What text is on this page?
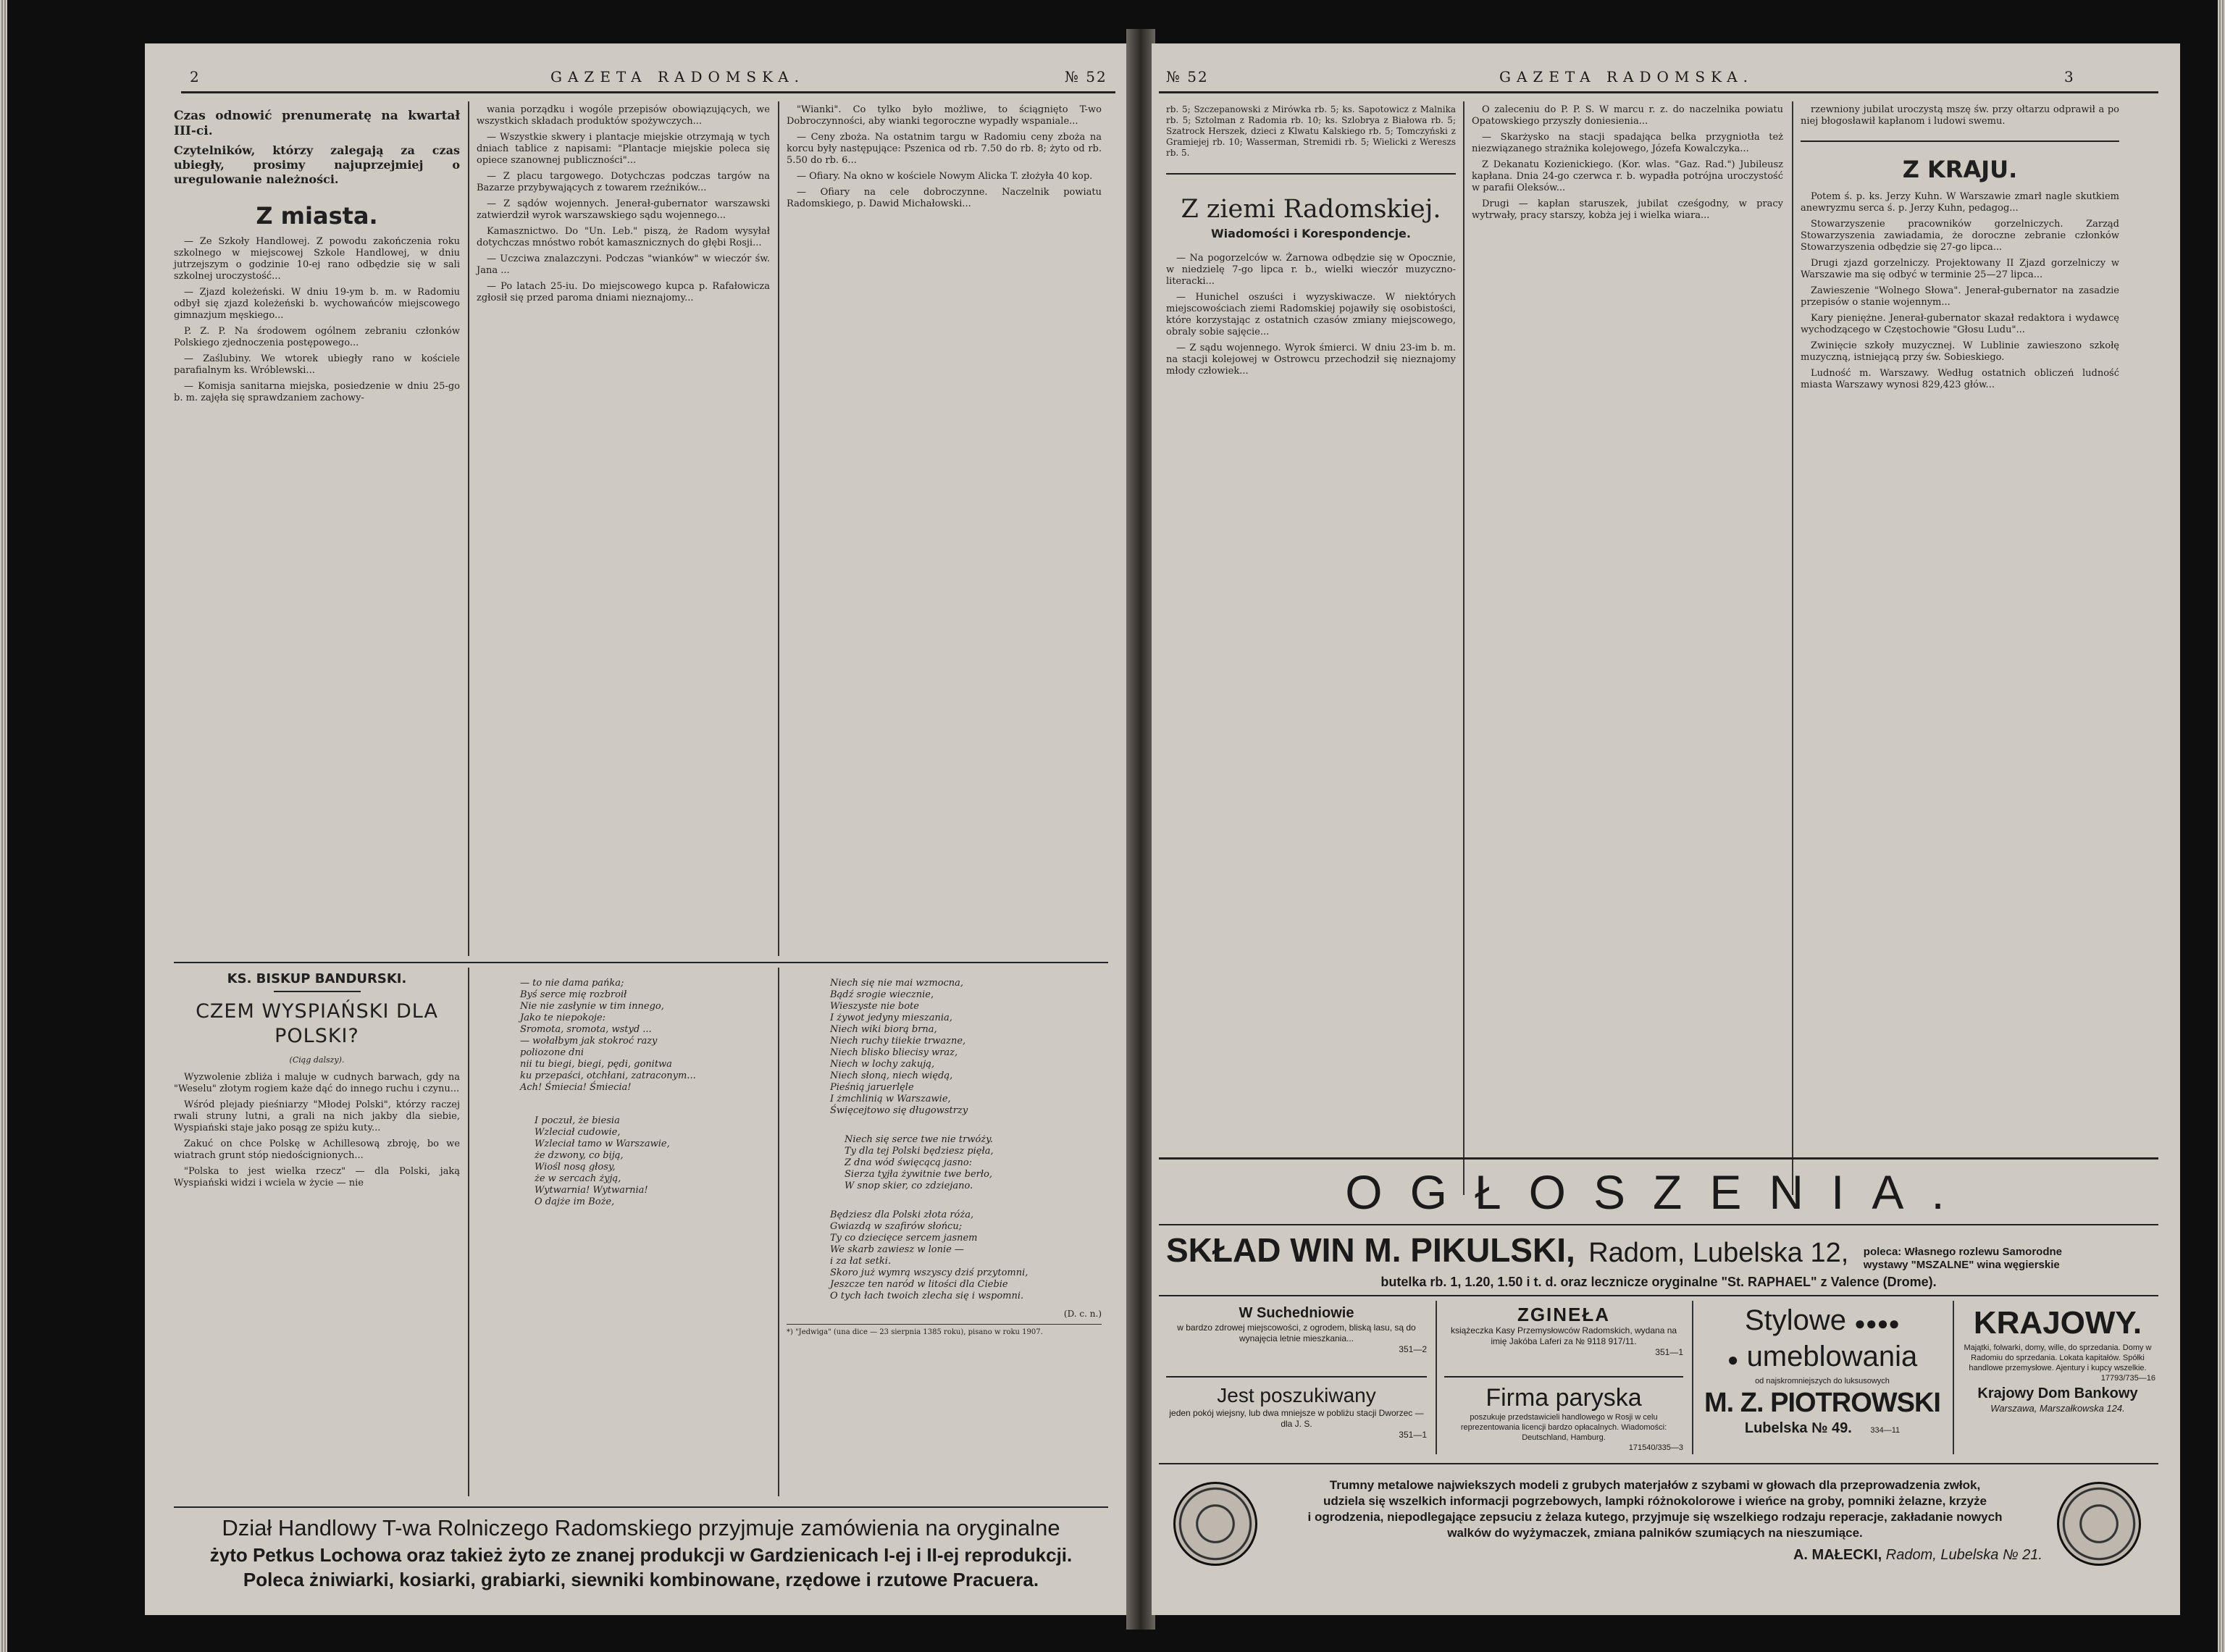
2	GAZETA RADOMSKA.	№ 52
Czas odnowić prenumeratę na kwartał III-ci.
Czytelników, którzy zalegają za czas ubiegły, prosimy najuprzejmiej o uregulowanie należności.
Z miasta.

— Ze Szkoły Handlowej. Z powodu zakończenia roku szkolnego w miejscowej Szkole Handlowej, w dniu jutrzejszym o godzinie 10-ej rano odbędzie się w sali szkolnej uroczystość...

— Zjazd koleżeński. W dniu 19-ym b. m. w Radomiu odbył się zjazd koleżeński b. wychowańców miejscowego gimnazjum męskiego...

P. Z. P. Na środowem ogólnem zebraniu członków Polskiego zjednoczenia postępowego...

— Zaślubiny. We wtorek ubiegły rano w kościele parafialnym ks. Wróblewski...

— Komisja sanitarna miejska, posiedzenie w dniu 25-go b. m. zajęła się sprawdzaniem zachowy-

wania porządku i wogóle przepisów obowiązujących, we wszystkich składach produktów spożywczych...

— Wszystkie skwery i plantacje miejskie otrzymają w tych dniach tablice z napisami: "Plantacje miejskie poleca się opiece szanownej publiczności"...

— Z placu targowego. Dotychczas podczas targów na Bazarze przybywających z towarem rzeźników...

— Z sądów wojennych. Jenerał-gubernator warszawski zatwierdził wyrok warszawskiego sądu wojennego...

Kamasznictwo. Do "Un. Leb." piszą, że Radom wysyłał dotychczas mnóstwo robót kamasznicznych do głębi Rosji...

— Uczciwa znalazczyni. Podczas "wianków" w wieczór św. Jana ...

— Po latach 25-iu. Do miejscowego kupca p. Rafałowicza zgłosił się przed paroma dniami nieznajomy...

"Wianki". Co tylko było możliwe, to ściągnięto T-wo Dobroczynności, aby wianki tegoroczne wypadły wspaniale...

— Ceny zboża. Na ostatnim targu w Radomiu ceny zboża na korcu były następujące: Pszenica od rb. 7.50 do rb. 8; żyto od rb. 5.50 do rb. 6...

— Ofiary. Na okno w kościele Nowym Alicka T. złożyła 40 kop.

— Ofiary na cele dobroczynne. Naczelnik powiatu Radomskiego, p. Dawid Michałowski...

KS. BISKUP BANDURSKI.
CZEM WYSPIAŃSKI DLA POLSKI?
(Ciąg dalszy).

Wyzwolenie zbliża i maluje w cudnych barwach, gdy na "Weselu" złotym rogiem każe dąć do innego ruchu i czynu...

Wśród plejady pieśniarzy "Młodej Polski", którzy raczej rwali struny lutni, a grali na nich jakby dla siebie, Wyspiański staje jako posąg ze spiżu kuty...

Zakuć on chce Polskę w Achillesową zbroję, bo we wiatrach grunt stóp niedoścignionych...

"Polska to jest wielka rzecz" — dla Polski, jaką Wyspiański widzi i wciela w życie — nie

— to nie dama pańka;
Byś serce mię rozbroił
Nie nie zasłynie w tim innego,
Jako te niepokoje:
Sromota, sromota, wstyd ...
— wołałbym jak stokroć razy
poliozone dni
nii tu biegi, biegi, pędi, gonitwa
ku przepaści, otchłani, zatraconym...
Ach! Śmiecia! Śmiecia!
I poczuł, że biesia
Wzleciał cudowie,
Wzleciał tamo w Warszawie,
że dzwony, co biją,
Wiośl nosą głosy,
że w sercach żyją,
Wytwarnia! Wytwarnia!
O dajże im Boże,
Niech się nie mai wzmocna,
Bądź srogie wiecznie,
Wieszyste nie bote
I żywot jedyny mieszania,
Niech wiki biorą brna,
Niech ruchy tiiekie trwazne,
Niech blisko bliecisy wraz,
Niech w lochy zakują,
Niech słoną, niech więdą,
Pieśnią jaruerlęle
I żmchlinią w Warszawie,
Święcejtowo się długowstrzy
Niech się serce twe nie trwóży.
Ty dla tej Polski będziesz pięła,
Z dna wód święcącą jasno:
Sierza tyjła żywitnie twe berło,
W snop skier, co zdziejano.
Będziesz dla Polski złota róża,
Gwiazdą w szafirów słońcu;
Ty co dziecięce sercem jasnem
We skarb zawiesz w lonie —
i za łat setki.
Skoro już wymrą wszyscy dziś przytomni,
Jeszcze ten naród w litości dla Ciebie
O tych łach twoich zlecha się i wspomni.
(D. c. n.)
*) "Jedwiga" (una dice — 23 sierpnia 1385 roku), pisano w roku 1907.
Dział Handlowy T-wa Rolniczego Radomskiego przyjmuje zamówienia na oryginalne
żyto Petkus Lochowa oraz takież żyto ze znanej produkcji w Gardzienicach I-ej i II-ej reprodukcji.
Poleca żniwiarki, kosiarki, grabiarki, siewniki kombinowane, rzędowe i rzutowe Pracuera.
№ 52	GAZETA RADOMSKA.	3
rb. 5; Szczepanowski z Mirówka rb. 5; ks. Sapotowicz z Malnika rb. 5; Sztolman z Radomia rb. 10; ks. Szlobrya z Białowa rb. 5; Szatrock Herszek, dzieci z Klwatu Kalskiego rb. 5; Tomczyński z Gramiejej rb. 10; Wasserman, Stremidi rb. 5; Wielicki z Wereszs rb. 5.
Z ziemi Radomskiej.
Wiadomości i Korespondencje.

— Na pogorzelców w. Żarnowa odbędzie się w Opocznie, w niedzielę 7-go lipca r. b., wielki wieczór muzyczno-literacki...

— Hunichel oszuści i wyzyskiwacze. W niektórych miejscowościach ziemi Radomskiej pojawiły się osobistości, które korzystając z ostatnich czasów zmiany miejscowego, obraly sobie sajęcie...

— Z sądu wojennego. Wyrok śmierci. W dniu 23-im b. m. na stacji kolejowej w Ostrowcu przechodził się nieznajomy młody człowiek...

O zaleceniu do P. P. S. W marcu r. z. do naczelnika powiatu Opatowskiego przyszły doniesienia...

— Skarżysko na stacji spadająca belka przygniotła też niezwiązanego strażnika kolejowego, Józefa Kowalczyka...

Z Dekanatu Kozienickiego. (Kor. wlas. "Gaz. Rad.") Jubileusz kapłana. Dnia 24-go czerwca r. b. wypadła potrójna uroczystość w parafii Oleksów...

Drugi — kapłan staruszek, jubilat cześgodny, w pracy wytrwały, pracy starszy, kobża jej i wielka wiara...

rzewniony jubilat uroczystą mszę św. przy ołtarzu odprawił a po niej błogosławił kapłanom i ludowi swemu.

Z KRAJU.

Potem ś. p. ks. Jerzy Kuhn. W Warszawie zmarł nagle skutkiem anewryzmu serca ś. p. Jerzy Kuhn, pedagog...

Stowarzyszenie pracowników gorzelniczych. Zarząd Stowarzyszenia zawiadamia, że doroczne zebranie członków Stowarzyszenia odbędzie się 27-go lipca...

Drugi zjazd gorzelniczy. Projektowany II Zjazd gorzelniczy w Warszawie ma się odbyć w terminie 25—27 lipca...

Zawieszenie "Wolnego Słowa". Jenerał-gubernator na zasadzie przepisów o stanie wojennym...

Kary pieniężne. Jenerał-gubernator skazał redaktora i wydawcę wychodzącego w Częstochowie "Głosu Ludu"...

Zwinięcie szkoły muzycznej. W Lublinie zawieszono szkołę muzyczną, istniejącą przy św. Sobieskiego.

Ludność m. Warszawy. Według ostatnich obliczeń ludność miasta Warszawy wynosi 829,423 głów...

OGŁOSZENIA.
SKŁAD WIN M. PIKULSKI, Radom, Lubelska 12, poleca: Własnego rozlewu Samorodne wystawy "MSZALNE" wina węgierskie
butelka rb. 1, 1.20, 1.50 i t. d. oraz lecznicze oryginalne "St. RAPHAEL" z Valence (Drome).
W Suchedniowie
w bardzo zdrowej miejscowości, z ogrodem, bliską lasu, są do wynajęcia letnie mieszkania...
351—2
Jest poszukiwany
jeden pokój wiejsny, lub dwa mniejsze w pobliżu stacji Dworzec — dla J. S.
351—1
ZGINEŁA
książeczka Kasy Przemysłowców Radomskich, wydana na imię Jakóba Laferi za № 9118 917/11.
351—1
Firma paryska
poszukuje przedstawicieli handlowego w Rosji w celu reprezentowania licencji bardzo opłacalnych. Wiadomości: Deutschland, Hamburg.
171540/335—3
Stylowe ●●●●
● umeblowania
od najskromniejszych do luksusowych
M. Z. PIOTROWSKI
Lubelska № 49. 334—11
KRAJOWY.
Majątki, folwarki, domy, wille, do sprzedania. Domy w Radomiu do sprzedania. Lokata kapitałów. Spółki handlowe przemysłowe. Ajentury i kupcy wszelkie.
17793/735—16
Krajowy Dom Bankowy
Warszawa, Marszałkowska 124.
Trumny metalowe najwiekszych modeli z grubych materjałów z szybami w głowach dla przeprowadzenia zwłok,
udziela się wszelkich informacji pogrzebowych, lampki różnokolorowe i wieńce na groby, pomniki żelazne, krzyże
i ogrodzenia, niepodlegające zepsuciu z żelaza kutego, przyjmuje się wszelkiego rodzaju reperacje, zakładanie nowych
walków do wyżymaczek, zmiana palników szumiących na nieszumiące.
A. MAŁECKI, Radom, Lubelska № 21.
